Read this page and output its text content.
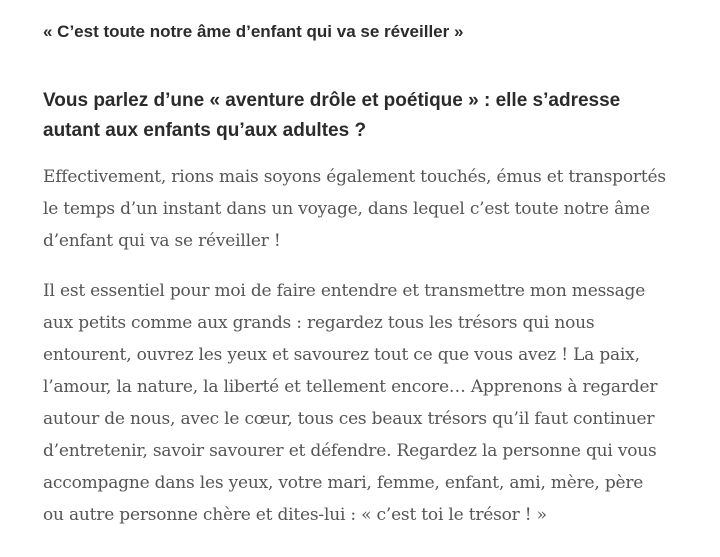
« C’est toute notre âme d’enfant qui va se réveiller »
Vous parlez d’une « aventure drôle et poétique » : elle s’adresse
autant aux enfants qu’aux adultes ?

Effectivement, rions mais soyons également touchés, émus et transportés
le temps d’un instant dans un voyage, dans lequel c’est toute notre âme
d’enfant qui va se réveiller !

Il est essentiel pour moi de faire entendre et transmettre mon message
aux petits comme aux grands : regardez tous les trésors qui nous
entourent, ouvrez les yeux et savourez tout ce que vous avez ! La paix,
l’amour, la nature, la liberté et tellement encore… Apprenons à regarder
autour de nous, avec le cœur, tous ces beaux trésors qu’il faut continuer
d’entretenir, savoir savourer et défendre. Regardez la personne qui vous
accompagne dans les yeux, votre mari, femme, enfant, ami, mère, père
ou autre personne chère et dites-lui : « c’est toi le trésor ! »
